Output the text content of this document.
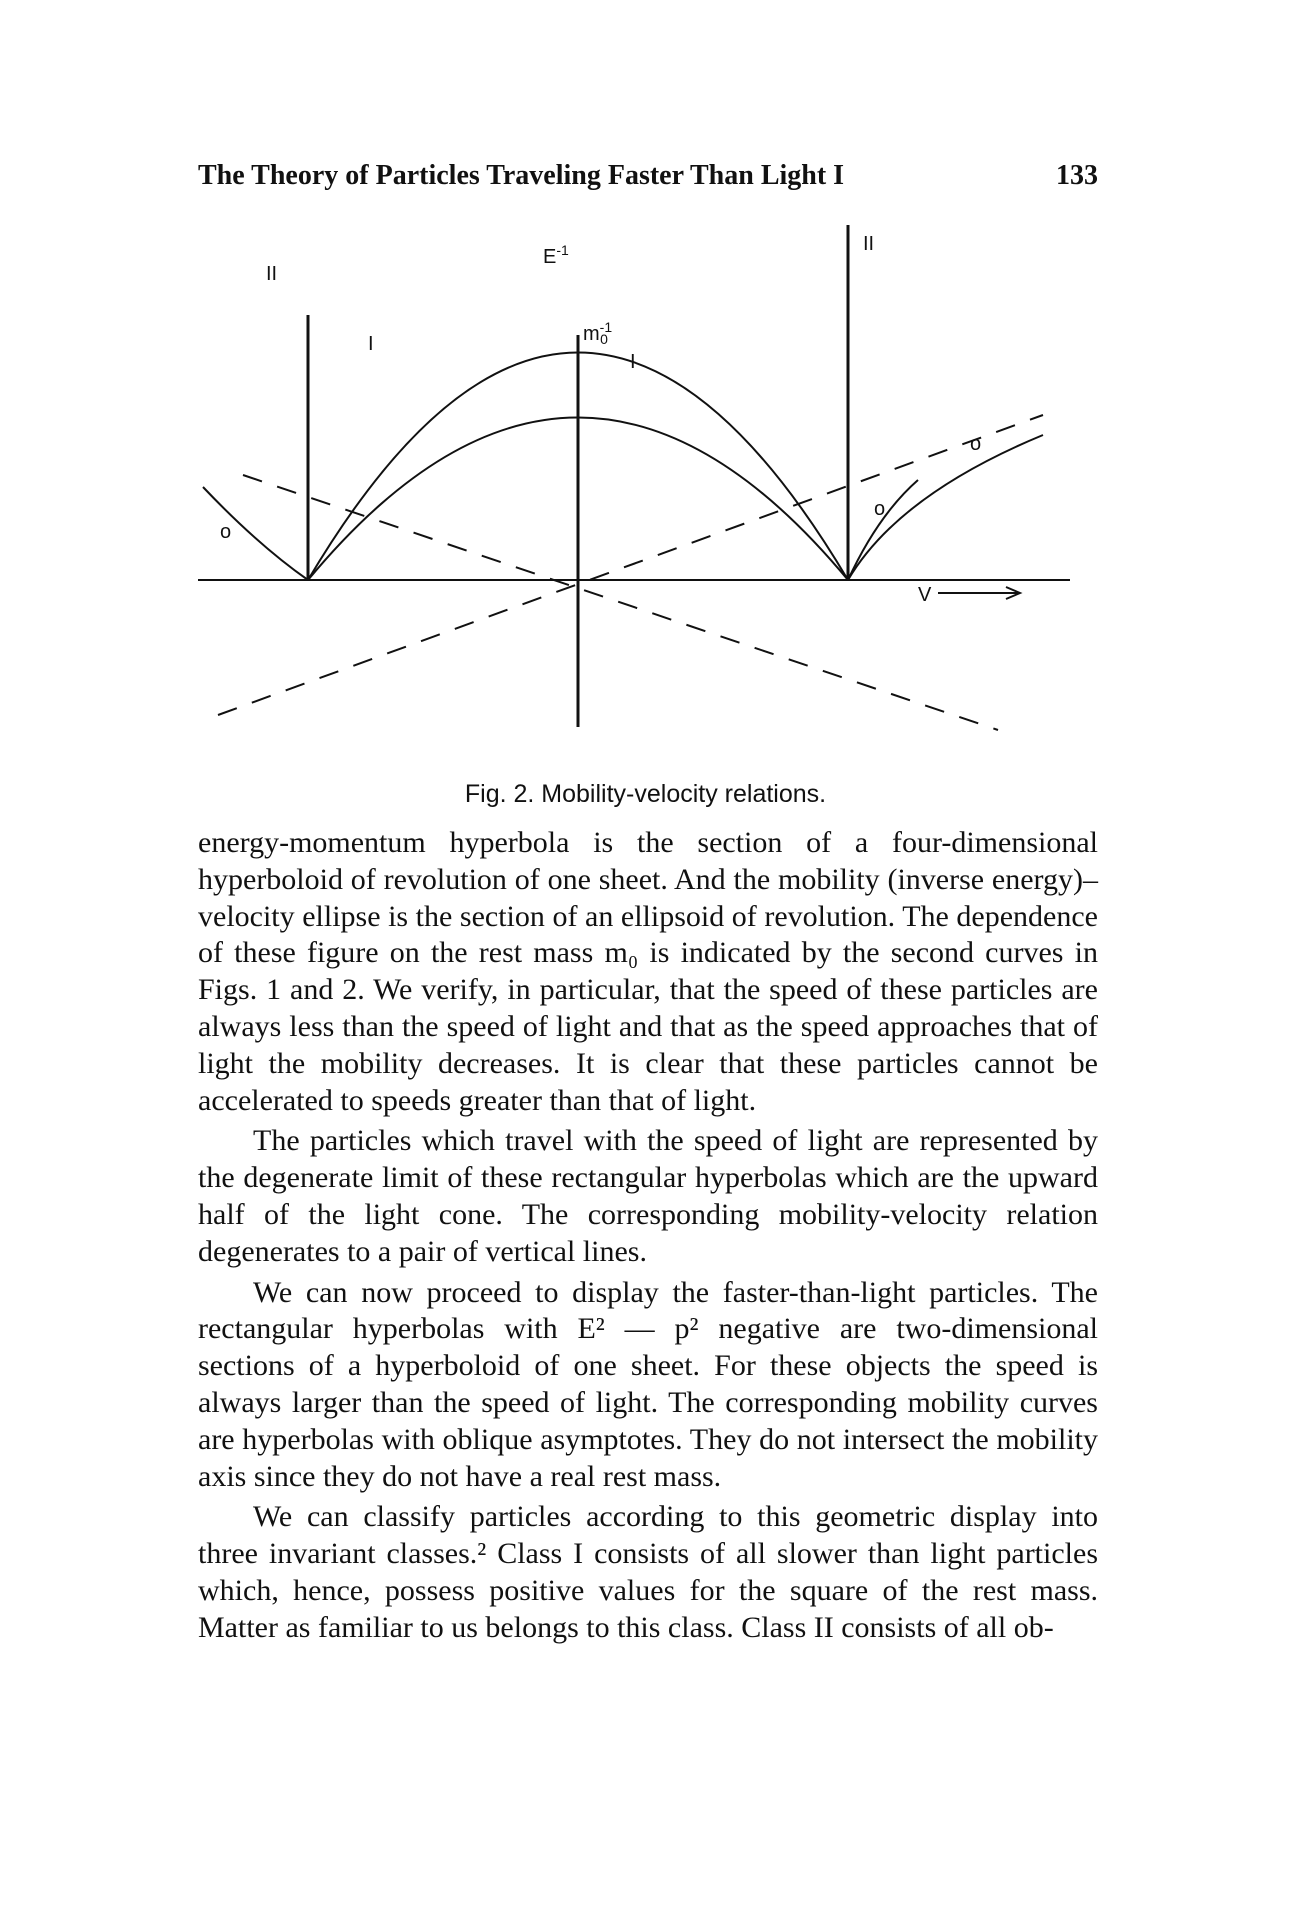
The Theory of Particles Traveling Faster Than Light I	133
II
II
$E^{-1}$
$m^{-1}$ 0
I
I
o
o
o
V
Fig. 2. Mobility-velocity relations.

energy-momentum hyperbola is the section of a four-dimensional hyperboloid of revolution of one sheet. And the mobility (inverse energy)–velocity ellipse is the section of an ellipsoid of revolution. The dependence of these figure on the rest mass m₀ is indicated by the second curves in Figs. 1 and 2. We verify, in particular, that the speed of these particles are always less than the speed of light and that as the speed approaches that of light the mobility decreases. It is clear that these particles cannot be accelerated to speeds greater than that of light.

The particles which travel with the speed of light are represented by the degenerate limit of these rectangular hyperbolas which are the upward half of the light cone. The corresponding mobility-velocity relation degenerates to a pair of vertical lines.

We can now proceed to display the faster-than-light particles. The rectangular hyperbolas with E² — p² negative are two-dimensional sections of a hyperboloid of one sheet. For these objects the speed is always larger than the speed of light. The corresponding mobility curves are hyperbolas with oblique asymptotes. They do not intersect the mobility axis since they do not have a real rest mass.

We can classify particles according to this geometric display into three invariant classes.² Class I consists of all slower than light particles which, hence, possess positive values for the square of the rest mass. Matter as familiar to us belongs to this class. Class II consists of all ob-
